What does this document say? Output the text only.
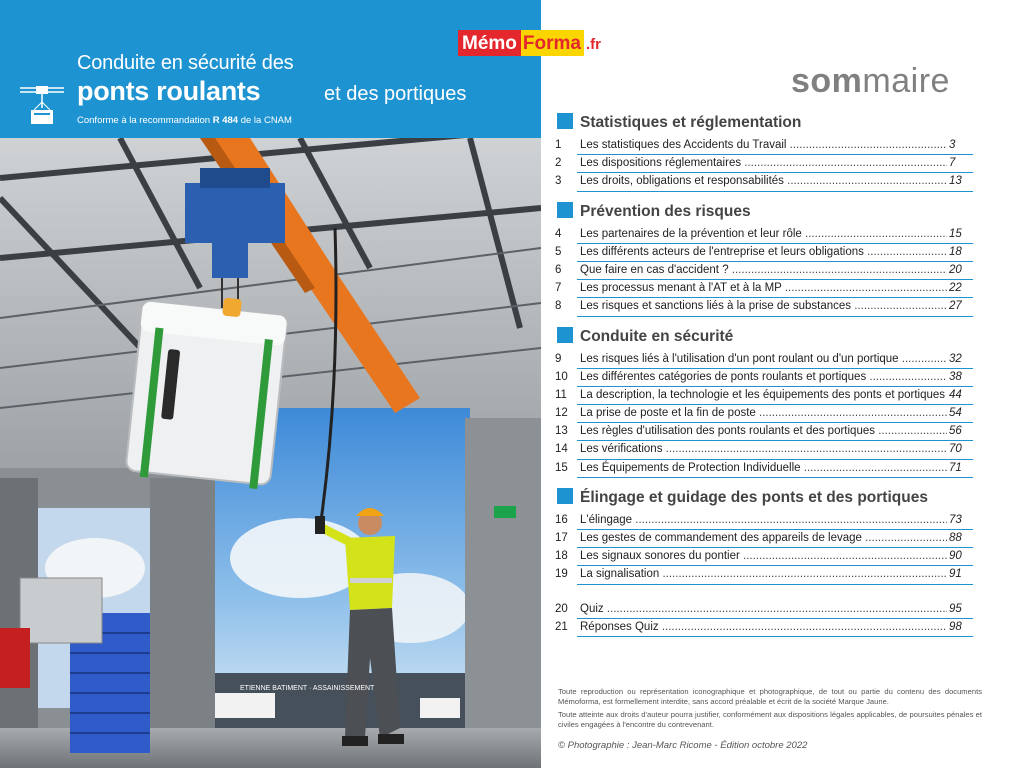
Conduite en sécurité des
ponts roulants	et des portiques
Conforme à la recommandation R 484 de la CNAM
ETIENNE BATIMENT · ASSAINISSEMENT
Mémo Forma .fr
sommaire
Statistiques et réglementation
1	Les statistiques des Accidents du Travail .....	3
2	Les dispositions réglementaires .....	7
3	Les droits, obligations et responsabilités .....	13
Prévention des risques
4	Les partenaires de la prévention et leur rôle .....	15
5	Les différents acteurs de l'entreprise et leurs obligations .....	18
6	Que faire en cas d'accident ? .....	20
7	Les processus menant à l'AT et à la MP .....	22
8	Les risques et sanctions liés à la prise de substances .....	27
Conduite en sécurité
9	Les risques liés à l'utilisation d'un pont roulant ou d'un portique .....	32
10	Les différentes catégories de ponts roulants et portiques .....	38
11	La description, la technologie et les équipements des ponts et portiques ..... 44
12	La prise de poste et la fin de poste .....	54
13	Les règles d'utilisation des ponts roulants et des portiques .....	56
14	Les vérifications .....	70
15	Les Équipements de Protection Individuelle .....	71
Élingage et guidage des ponts et des portiques
16	L'élingage .....	73
17	Les gestes de commandement des appareils de levage .....	88
18	Les signaux sonores du pontier .....	90
19	La signalisation .....	91
20	Quiz .....	95
21	Réponses Quiz .....	98

Toute reproduction ou représentation iconographique et photographique, de tout ou partie du contenu des documents Mémoforma, est formellement interdite, sans accord préalable et écrit de la société Marque Jaune.

Toute atteinte aux droits d'auteur pourra justifier, conformément aux dispositions légales applicables, de poursuites pénales et civiles engagées à l'encontre du contrevenant.

© Photographie : Jean-Marc Ricome - Édition octobre 2022
